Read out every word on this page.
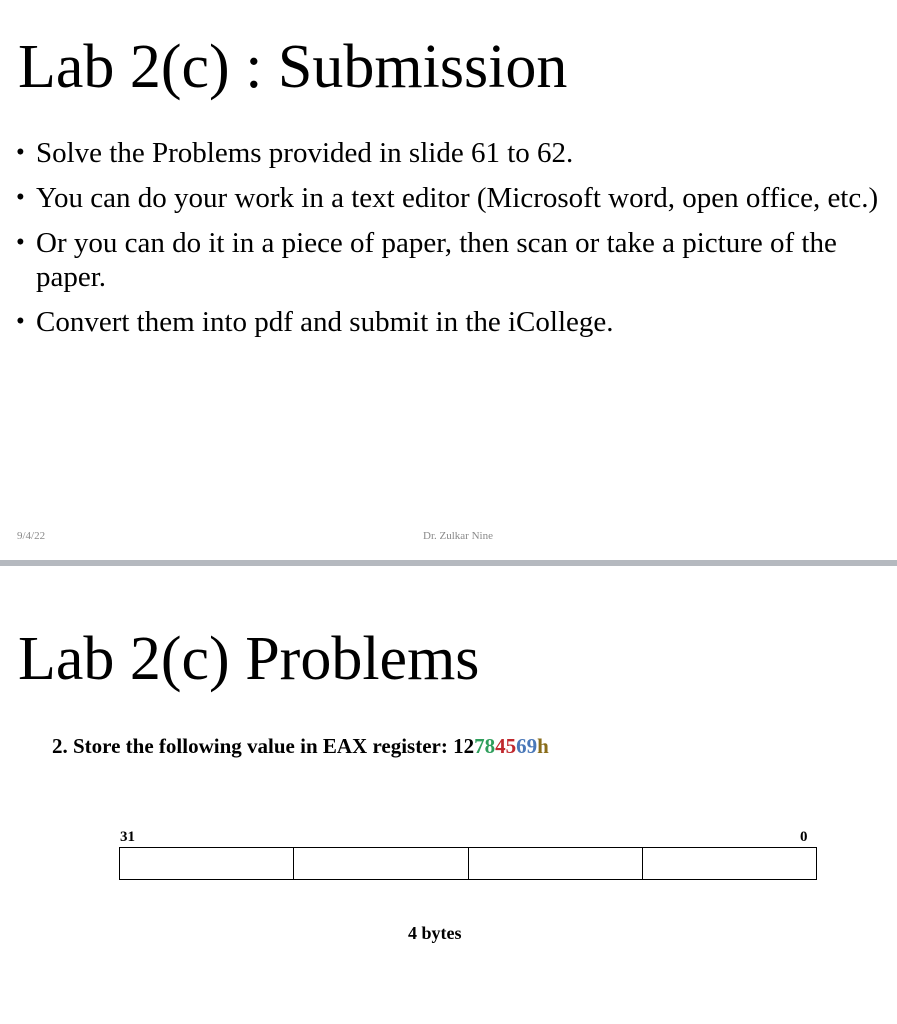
Lab 2(c) : Submission
• Solve the Problems provided in slide 61 to 62.
• You can do your work in a text editor (Microsoft word, open office, etc.)
• Or you can do it in a piece of paper, then scan or take a picture of the paper.
• Convert them into pdf and submit in the iCollege.
9/4/22	Dr. Zulkar Nine
Lab 2(c) Problems

2. Store the following value in EAX register: 12784569h

31	0
4 bytes
